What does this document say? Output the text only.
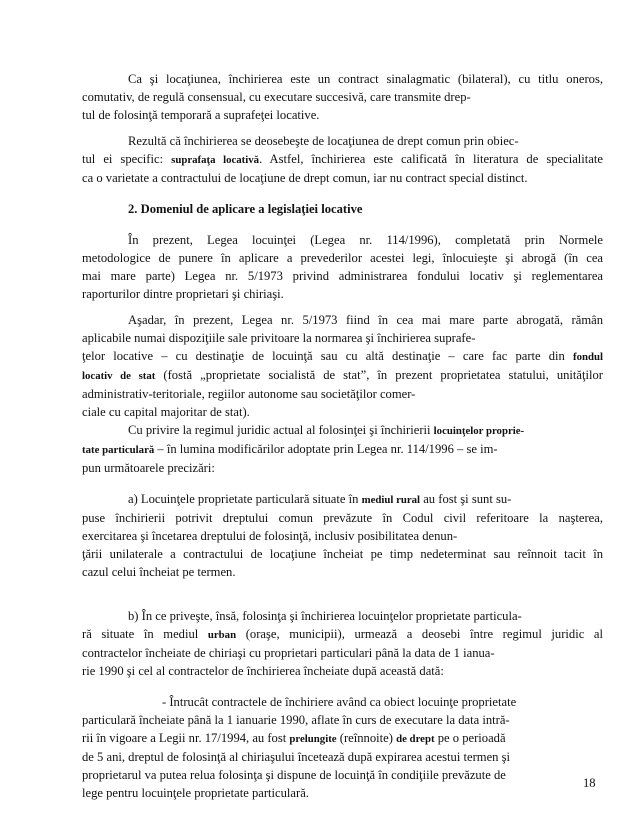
Ca şi locaţiunea, închirierea este un contract sinalagmatic (bilateral), cu titlu oneros,
comutativ, de regulă consensual, cu executare succesivă, care transmite drep-
tul de folosinţă temporară a suprafeţei locative.
Rezultă că închirierea se deosebeşte de locaţiunea de drept comun prin obiec-
tul ei specific: suprafaţa locativă. Astfel, închirierea este calificată în literatura de specialitate
ca o varietate a contractului de locaţiune de drept comun, iar nu contract special distinct.

2. Domeniul de aplicare a legislaţiei locative

În prezent, Legea locuinţei (Legea nr. 114/1996), completată prin Normele
metodologice de punere în aplicare a prevederilor acestei legi, înlocuieşte şi abrogă (în cea
mai mare parte) Legea nr. 5/1973 privind administrarea fondului locativ şi reglementarea
raporturilor dintre proprietari şi chiriaşi.
Aşadar, în prezent, Legea nr. 5/1973 fiind în cea mai mare parte abrogată, rămân
aplicabile numai dispoziţiile sale privitoare la normarea şi închirierea suprafe-
ţelor locative – cu destinaţie de locuinţă sau cu altă destinaţie – care fac parte din fondul
locativ de stat (fostă „proprietate socialistă de stat”, în prezent proprietatea statului, unităţilor
administrativ-teritoriale, regiilor autonome sau societăţilor comer-
ciale cu capital majoritar de stat).
Cu privire la regimul juridic actual al folosinţei şi închirierii locuinţelor proprie-
tate particulară – în lumina modificărilor adoptate prin Legea nr. 114/1996 – se im-
pun următoarele precizări:
a) Locuinţele proprietate particulară situate în mediul rural au fost şi sunt su-
puse închirierii potrivit dreptului comun prevăzute în Codul civil referitoare la naşterea,
exercitarea şi încetarea dreptului de folosinţă, inclusiv posibilitatea denun-
ţării unilaterale a contractului de locaţiune încheiat pe timp nedeterminat sau reînnoit tacit în
cazul celui încheiat pe termen.
b) În ce priveşte, însă, folosinţa şi închirierea locuinţelor proprietate particula-
ră situate în mediul urban (oraşe, municipii), urmează a deosebi între regimul juridic al
contractelor încheiate de chiriaşi cu proprietari particulari până la data de 1 ianua-
rie 1990 şi cel al contractelor de închirierea încheiate după această dată:
- Întrucât contractele de închiriere având ca obiect locuinţe proprietate
particulară încheiate până la 1 ianuarie 1990, aflate în curs de executare la data intră-
rii în vigoare a Legii nr. 17/1994, au fost prelungite (reînnoite) de drept pe o perioadă
de 5 ani, dreptul de folosinţă al chiriaşului încetează după expirarea acestui termen şi
proprietarul va putea relua folosinţa şi dispune de locuinţă în condiţiile prevăzute de
lege pentru locuinţele proprietate particulară.
18
